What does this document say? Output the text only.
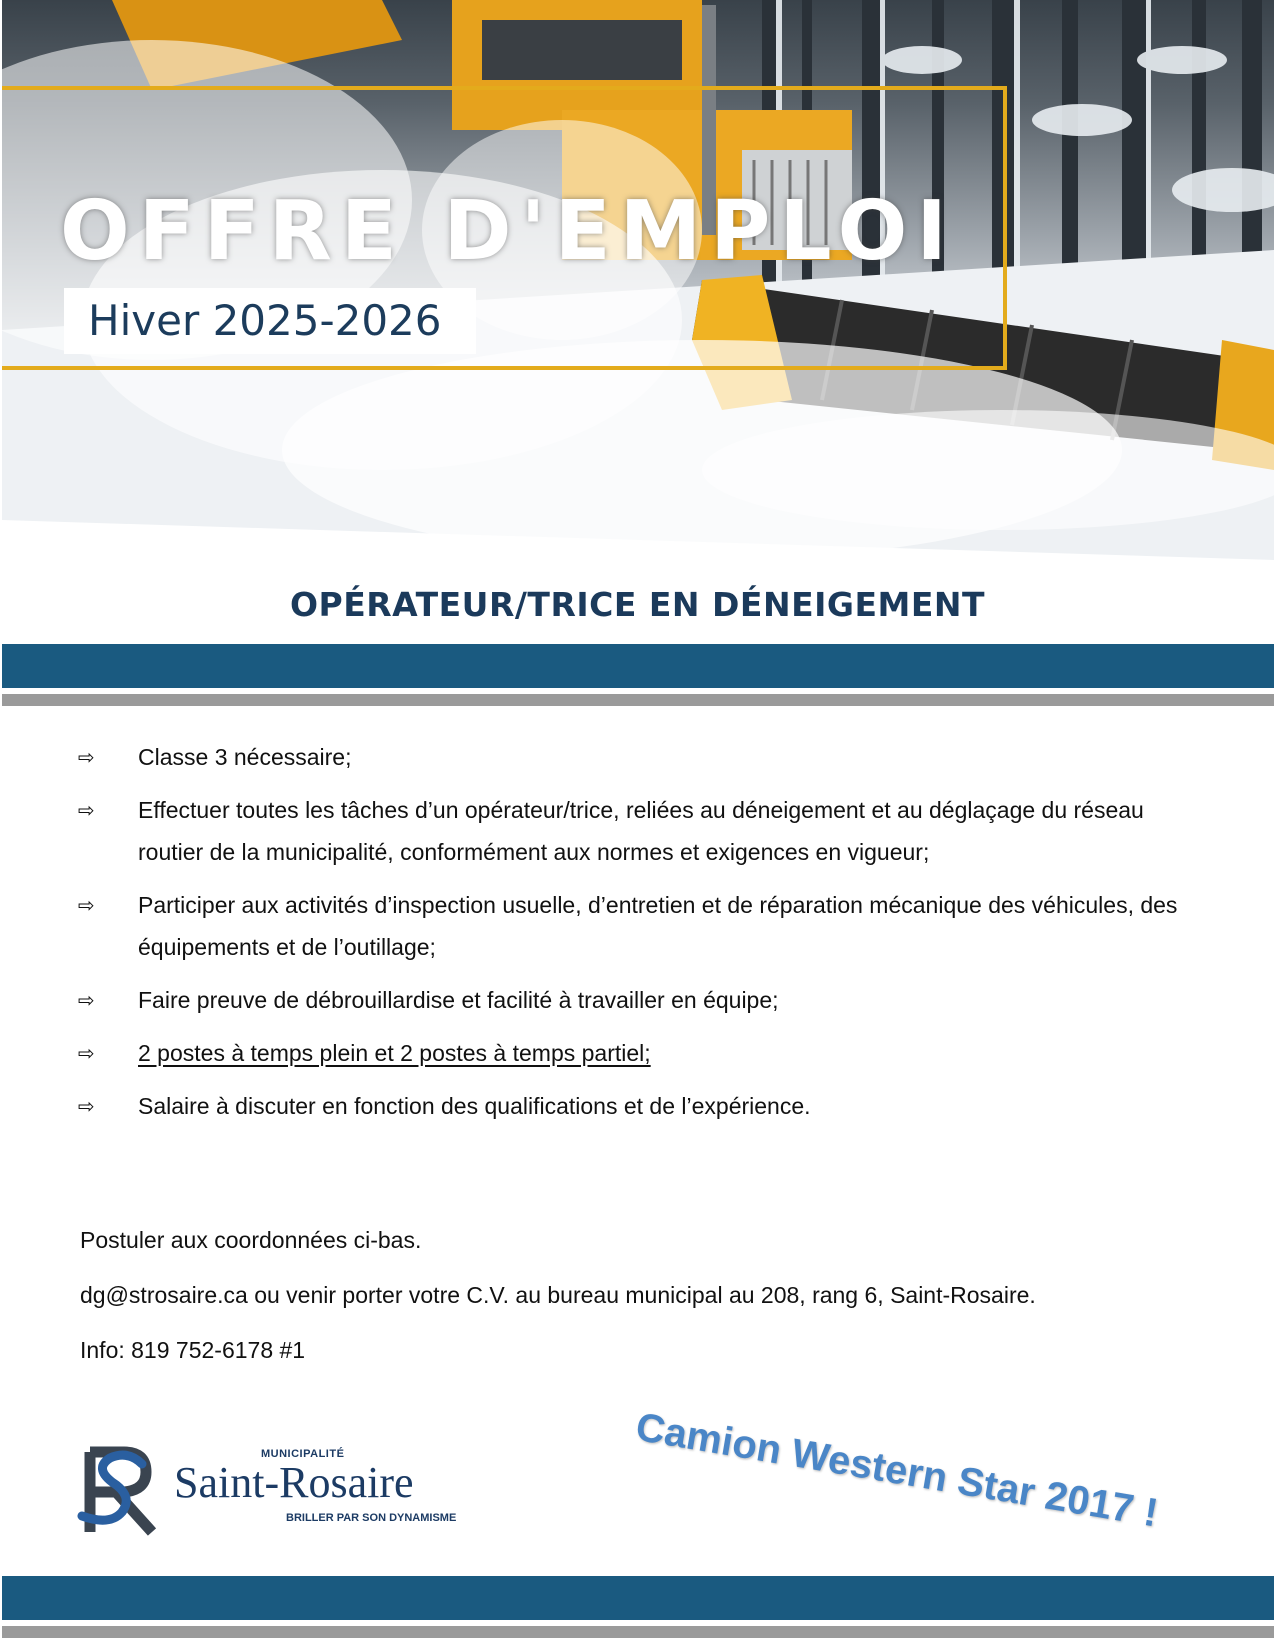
OFFRE D'EMPLOI
Hiver 2025-2026
OPÉRATEUR/TRICE EN DÉNEIGEMENT
⇨	Classe 3 nécessaire;
⇨	Effectuer toutes les tâches d’un opérateur/trice, reliées au déneigement et au déglaçage du réseau routier de la municipalité, conformément aux normes et exigences en vigueur;
⇨	Participer aux activités d’inspection usuelle, d’entretien et de réparation mécanique des véhicules, des équipements et de l’outillage;
⇨	Faire preuve de débrouillardise et facilité à travailler en équipe;
⇨	2 postes à temps plein et 2 postes à temps partiel;
⇨	Salaire à discuter en fonction des qualifications et de l’expérience.

Postuler aux coordonnées ci-bas.

dg@strosaire.ca ou venir porter votre C.V. au bureau municipal au 208, rang 6, Saint-Rosaire.

Info: 819 752-6178 #1

MUNICIPALITÉ
Saint-Rosaire
BRILLER PAR SON DYNAMISME	Camion Western Star 2017 !
